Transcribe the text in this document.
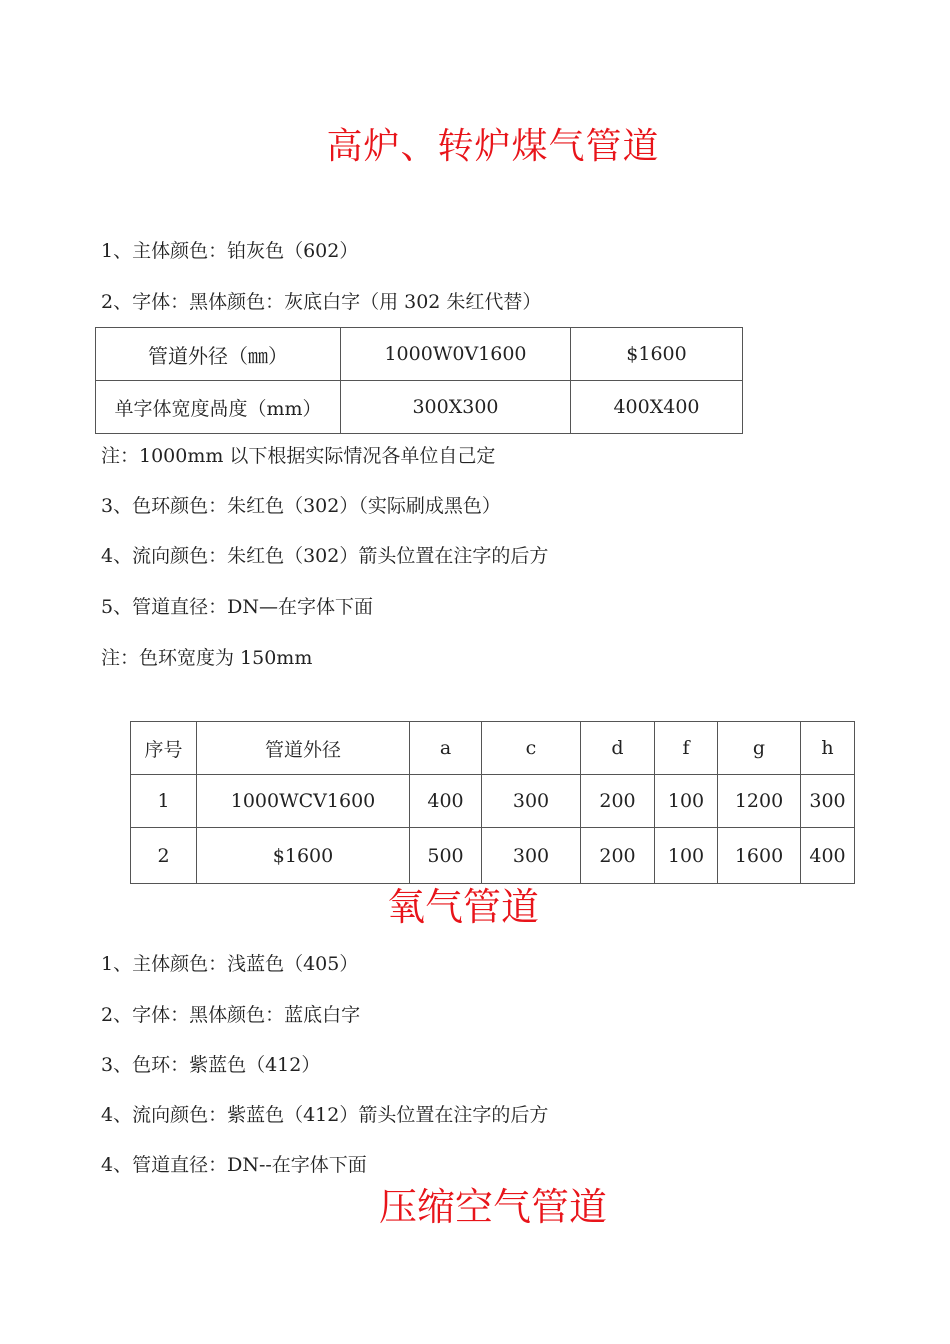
高炉、转炉煤气管道
1、主体颜色：铂灰色（602）
2、字体：黑体颜色：灰底白字（用 302 朱红代替）
管道外径（㎜）	1000W0V1600	$1600
单字体宽度咼度（mm）	300X300	400X400
注：1000mm 以下根据实际情况各单位自己定
3、色环颜色：朱红色（302）（实际刷成黑色）
4、流向颜色：朱红色（302）箭头位置在注字的后方
5、管道直径：DN—在字体下面
注：色环宽度为 150mm
序号	管道外径	a	c	d	f	g	h
1	1000WCV1600	400	300	200	100	1200	300
2	$1600	500	300	200	100	1600	400
氧气管道
1、主体颜色：浅蓝色（405）
2、字体：黑体颜色：蓝底白字
3、色环：紫蓝色（412）
4、流向颜色：紫蓝色（412）箭头位置在注字的后方
4、管道直径：DN--在字体下面
压缩空气管道
